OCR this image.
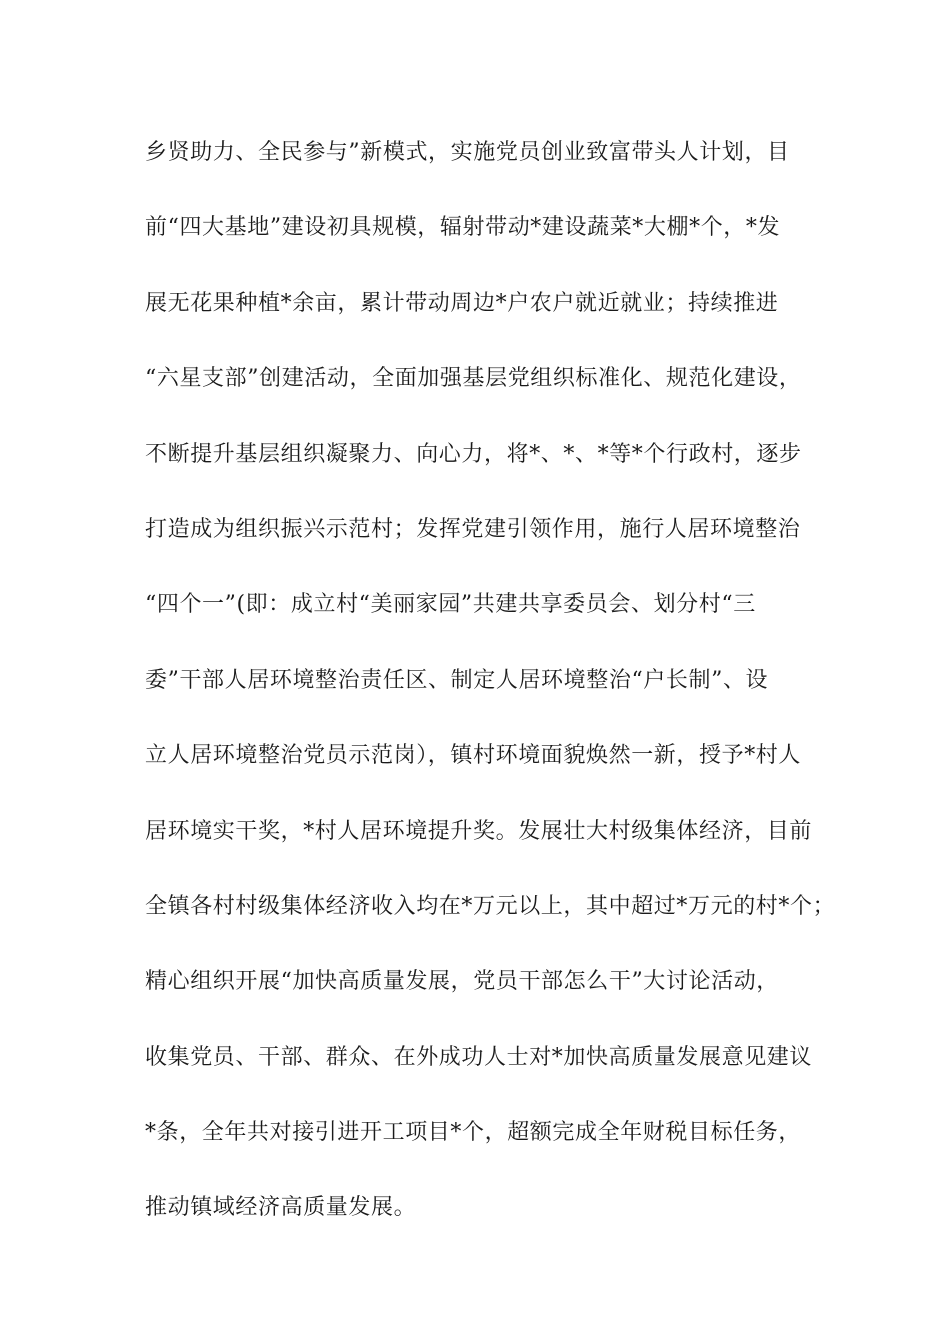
乡贤助力、全民参与”新模式，实施党员创业致富带头人计划，目
前“四大基地”建设初具规模，辐射带动*建设蔬菜*大棚*个，*发
展无花果种植*余亩，累计带动周边*户农户就近就业；持续推进
“六星支部”创建活动，全面加强基层党组织标准化、规范化建设，
不断提升基层组织凝聚力、向心力，将*、*、*等*个行政村，逐步
打造成为组织振兴示范村；发挥党建引领作用，施行人居环境整治
“四个一”(即：成立村“美丽家园”共建共享委员会、划分村“三
委”干部人居环境整治责任区、制定人居环境整治“户长制”、设
立人居环境整治党员示范岗），镇村环境面貌焕然一新，授予*村人
居环境实干奖，*村人居环境提升奖。发展壮大村级集体经济，目前
全镇各村村级集体经济收入均在*万元以上，其中超过*万元的村*个；
精心组织开展“加快高质量发展，党员干部怎么干”大讨论活动，
收集党员、干部、群众、在外成功人士对*加快高质量发展意见建议
*条，全年共对接引进开工项目*个，超额完成全年财税目标任务，
推动镇域经济高质量发展。
